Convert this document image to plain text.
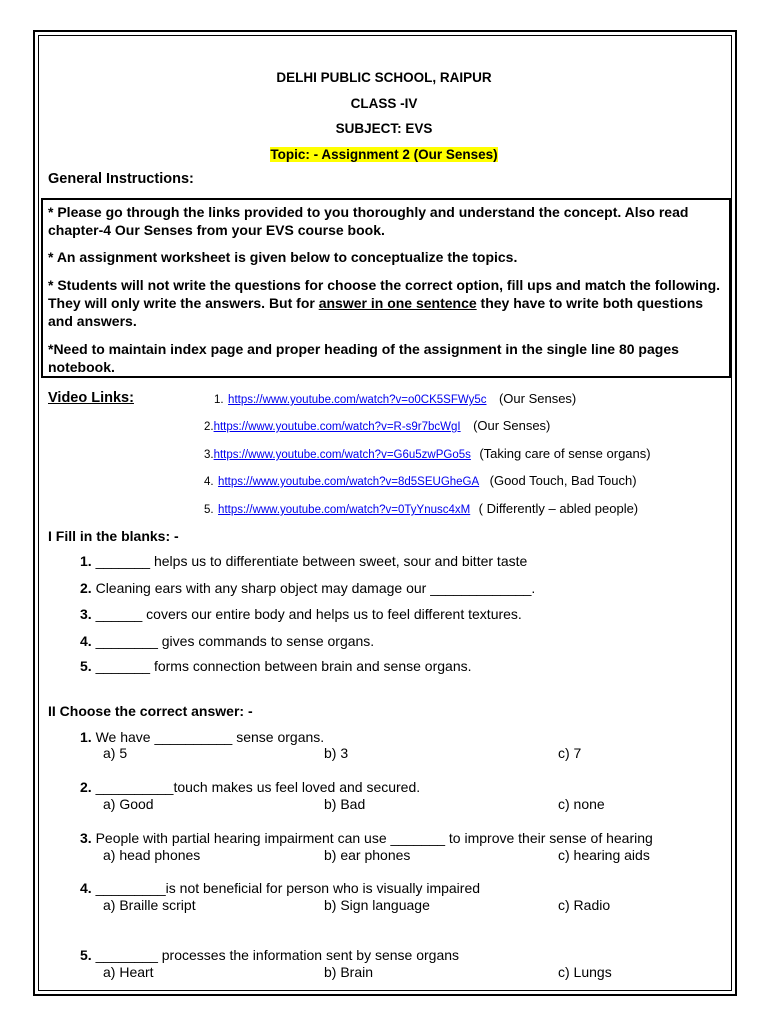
DELHI PUBLIC SCHOOL, RAIPUR
CLASS -IV
SUBJECT: EVS
Topic: - Assignment 2 (Our Senses)
General Instructions:
* Please go through the links provided to you thoroughly and understand the concept. Also read chapter-4 Our Senses from your EVS course book.
* An assignment worksheet is given below to conceptualize the topics.
* Students will not write the questions for choose the correct option, fill ups and match the following. They will only write the answers. But for answer in one sentence they have to write both questions and answers.
*Need to maintain index page and proper heading of the assignment in the single line 80 pages notebook.
Video Links:	1. https://www.youtube.com/watch?v=o0CK5SFWy5c (Our Senses)
2.https://www.youtube.com/watch?v=R-s9r7bcWgI (Our Senses)
3.https://www.youtube.com/watch?v=G6u5zwPGo5s (Taking care of sense organs)
4. https://www.youtube.com/watch?v=8d5SEUGheGA (Good Touch, Bad Touch)
5. https://www.youtube.com/watch?v=0TyYnusc4xM ( Differently – abled people)
I Fill in the blanks: -
1. _______ helps us to differentiate between sweet, sour and bitter taste
2. Cleaning ears with any sharp object may damage our _____________.
3. ______ covers our entire body and helps us to feel different textures.
4. ________ gives commands to sense organs.
5. _______ forms connection between brain and sense organs.
II Choose the correct answer: -
1. We have __________ sense organs.
a) 5	b) 3	c) 7
2. __________touch makes us feel loved and secured.
a) Good	b) Bad	c) none
3. People with partial hearing impairment can use _______ to improve their sense of hearing
a) head phones	b) ear phones	c) hearing aids
4. _________is not beneficial for person who is visually impaired
a) Braille script	b) Sign language	c) Radio
5. ________ processes the information sent by sense organs
a) Heart	b) Brain	c) Lungs
